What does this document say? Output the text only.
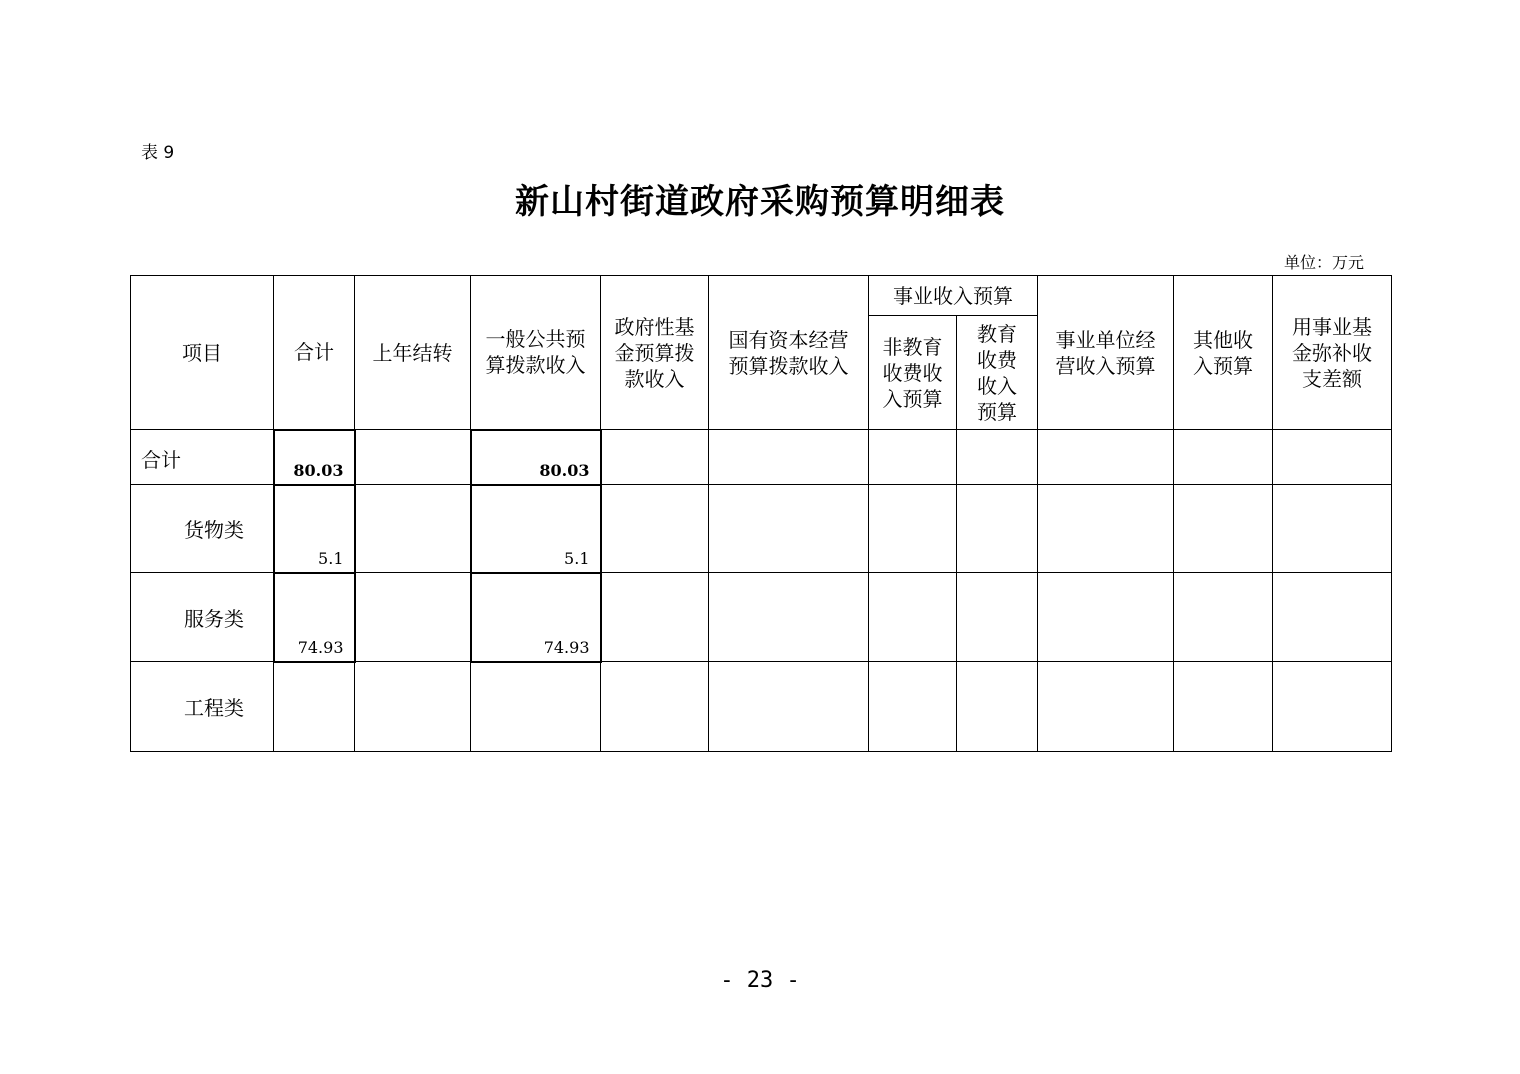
表 9
新山村街道政府采购预算明细表
单位：万元
项目	合计	上年结转	一般公共预算拨款收入	政府性基金预算拨款收入	国有资本经营预算拨款收入	事业收入预算		事业单位经营收入预算	其他收入预算	用事业基金弥补收支差额
						非教育收费收入预算	教育收费收入预算			
合计	80.03		80.03							
货物类	5.1		5.1							
服务类	74.93		74.93							
工程类										
- 23 -
